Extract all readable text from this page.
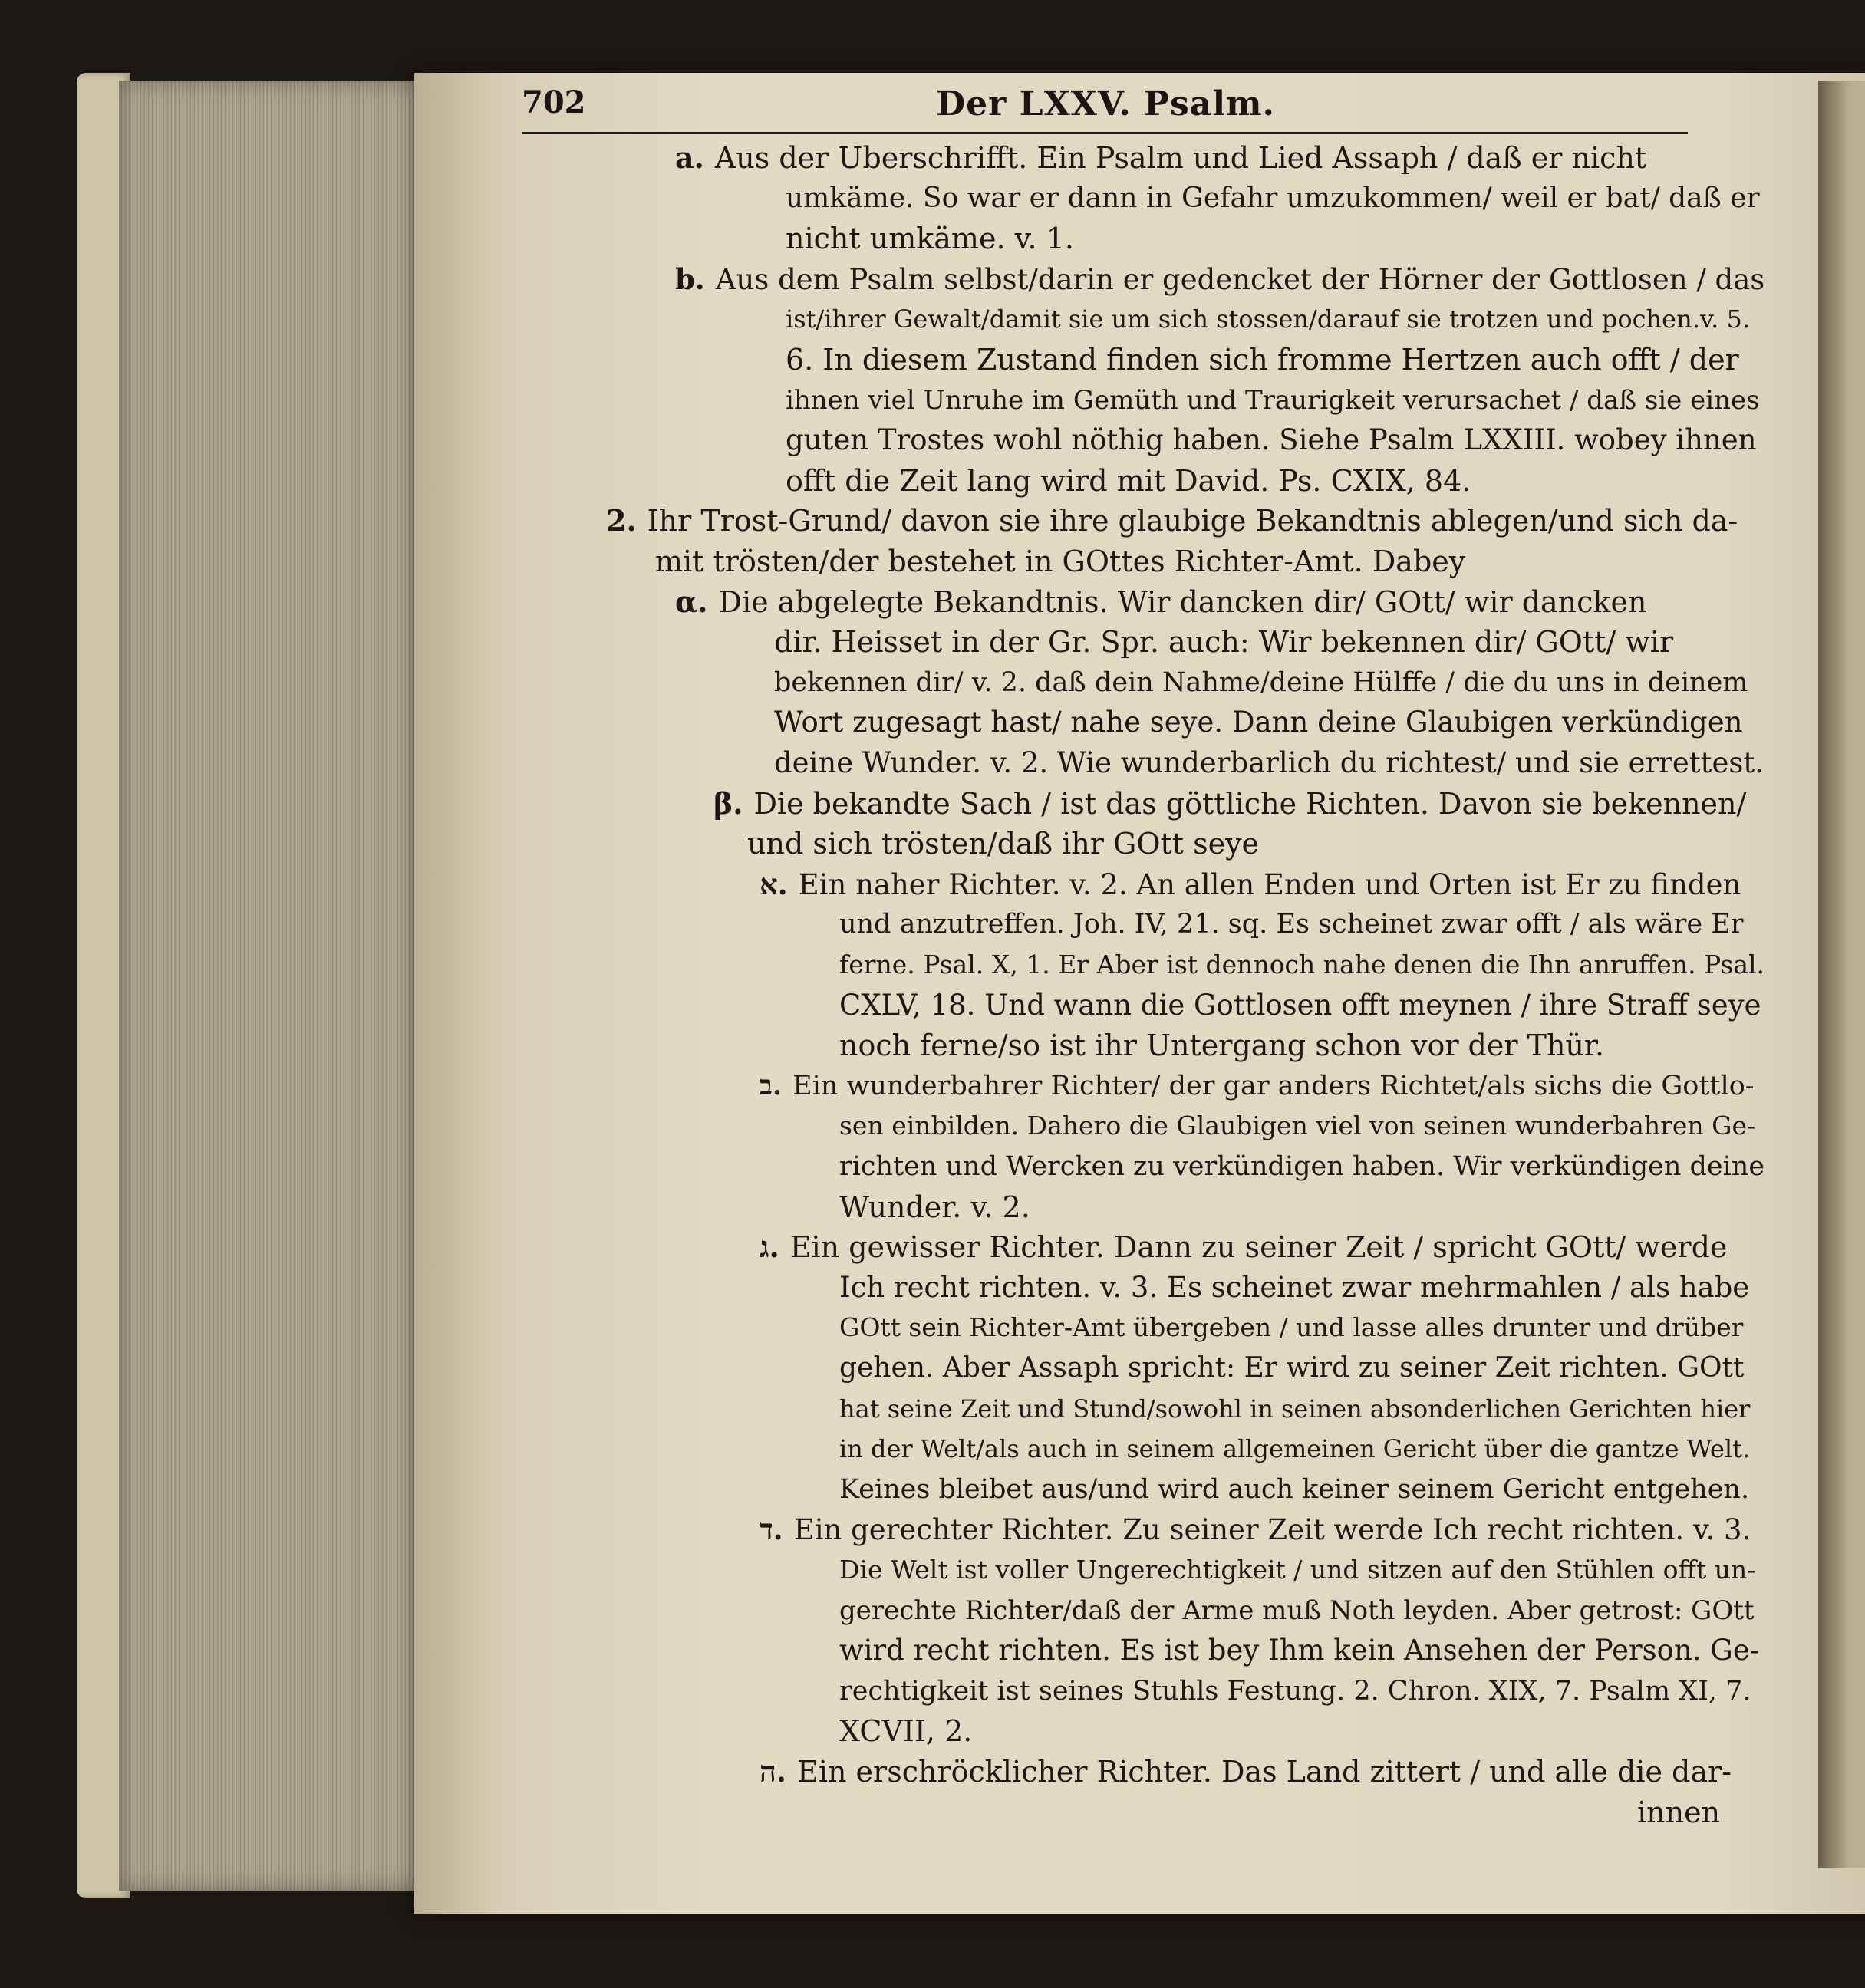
702	Der LXXV. Psalm.
a. Aus der Uberschrifft. Ein Psalm und Lied Assaph / daß er nicht
umkäme. So war er dann in Gefahr umzukommen/ weil er bat/ daß er
nicht umkäme. v. 1.
b. Aus dem Psalm selbst/darin er gedencket der Hörner der Gottlosen / das
ist/ihrer Gewalt/damit sie um sich stossen/darauf sie trotzen und pochen.v. 5.
6. In diesem Zustand finden sich fromme Hertzen auch offt / der
ihnen viel Unruhe im Gemüth und Traurigkeit verursachet / daß sie eines
guten Trostes wohl nöthig haben. Siehe Psalm LXXIII. wobey ihnen
offt die Zeit lang wird mit David. Ps. CXIX, 84.
2. Ihr Trost-Grund/ davon sie ihre glaubige Bekandtnis ablegen/und sich da-
mit trösten/der bestehet in GOttes Richter-Amt. Dabey
α. Die abgelegte Bekandtnis. Wir dancken dir/ GOtt/ wir dancken
dir. Heisset in der Gr. Spr. auch: Wir bekennen dir/ GOtt/ wir
bekennen dir/ v. 2. daß dein Nahme/deine Hülffe / die du uns in deinem
Wort zugesagt hast/ nahe seye. Dann deine Glaubigen verkündigen
deine Wunder. v. 2. Wie wunderbarlich du richtest/ und sie errettest.
β. Die bekandte Sach / ist das göttliche Richten. Davon sie bekennen/
und sich trösten/daß ihr GOtt seye
א. Ein naher Richter. v. 2. An allen Enden und Orten ist Er zu finden
und anzutreffen. Joh. IV, 21. sq. Es scheinet zwar offt / als wäre Er
ferne. Psal. X, 1. Er Aber ist dennoch nahe denen die Ihn anruffen. Psal.
CXLV, 18. Und wann die Gottlosen offt meynen / ihre Straff seye
noch ferne/so ist ihr Untergang schon vor der Thür.
ב. Ein wunderbahrer Richter/ der gar anders Richtet/als sichs die Gottlo-
sen einbilden. Dahero die Glaubigen viel von seinen wunderbahren Ge-
richten und Wercken zu verkündigen haben. Wir verkündigen deine
Wunder. v. 2.
ג. Ein gewisser Richter. Dann zu seiner Zeit / spricht GOtt/ werde
Ich recht richten. v. 3. Es scheinet zwar mehrmahlen / als habe
GOtt sein Richter-Amt übergeben / und lasse alles drunter und drüber
gehen. Aber Assaph spricht: Er wird zu seiner Zeit richten. GOtt
hat seine Zeit und Stund/sowohl in seinen absonderlichen Gerichten hier
in der Welt/als auch in seinem allgemeinen Gericht über die gantze Welt.
Keines bleibet aus/und wird auch keiner seinem Gericht entgehen.
ד. Ein gerechter Richter. Zu seiner Zeit werde Ich recht richten. v. 3.
Die Welt ist voller Ungerechtigkeit / und sitzen auf den Stühlen offt un-
gerechte Richter/daß der Arme muß Noth leyden. Aber getrost: GOtt
wird recht richten. Es ist bey Ihm kein Ansehen der Person. Ge-
rechtigkeit ist seines Stuhls Festung. 2. Chron. XIX, 7. Psalm XI, 7.
XCVII, 2.
ה. Ein erschröcklicher Richter. Das Land zittert / und alle die dar-
innen
